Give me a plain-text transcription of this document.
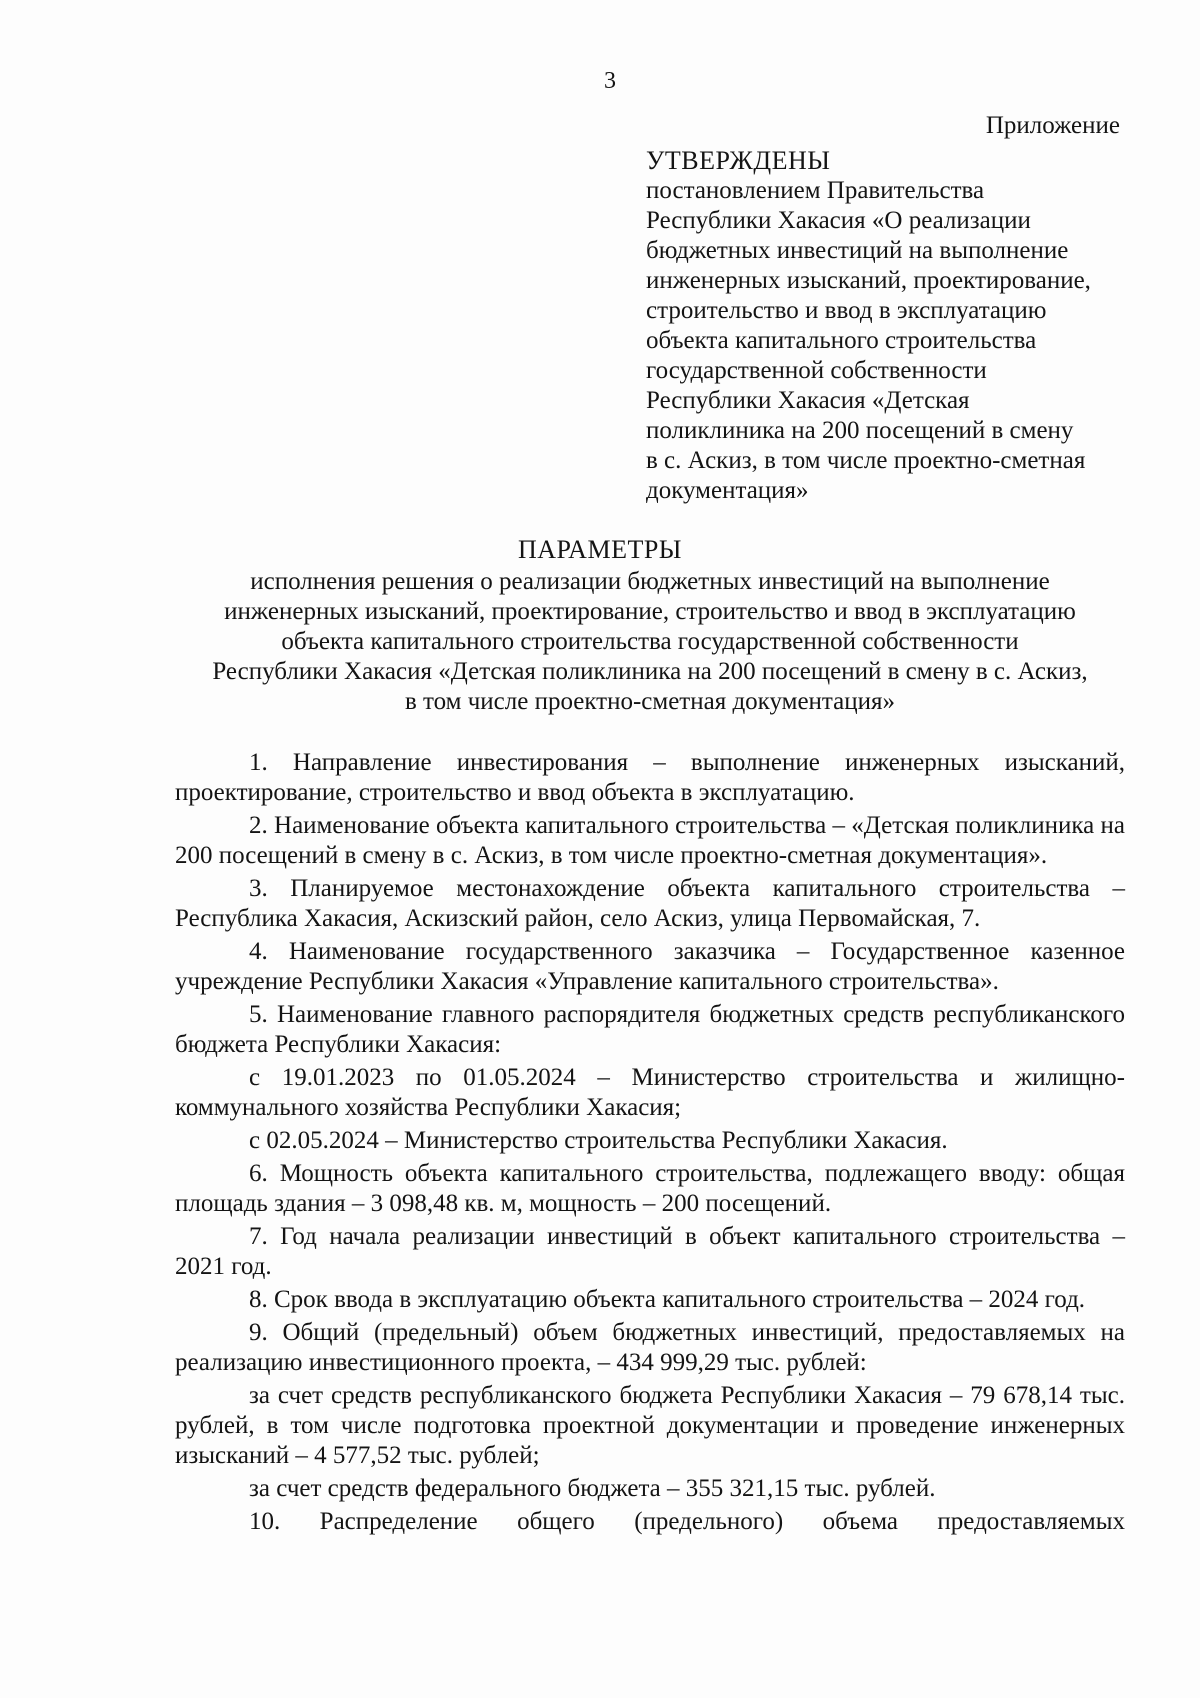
3
Приложение
УТВЕРЖДЕНЫ
постановлением Правительства
Республики Хакасия «О реализации
бюджетных инвестиций на выполнение
инженерных изысканий, проектирование,
строительство и ввод в эксплуатацию
объекта капитального строительства
государственной собственности
Республики Хакасия «Детская
поликлиника на 200 посещений в смену
в с. Аскиз, в том числе проектно-сметная
документация»
ПАРАМЕТРЫ
исполнения решения о реализации бюджетных инвестиций на выполнение
инженерных изысканий, проектирование, строительство и ввод в эксплуатацию
объекта капитального строительства государственной собственности
Республики Хакасия «Детская поликлиника на 200 посещений в смену в с. Аскиз,
в том числе проектно-сметная документация»

1. Направление инвестирования – выполнение инженерных изысканий, проектирование, строительство и ввод объекта в эксплуатацию.

2. Наименование объекта капитального строительства – «Детская поликлиника на 200 посещений в смену в с. Аскиз, в том числе проектно-сметная документация».

3. Планируемое местонахождение объекта капитального строительства – Республика Хакасия, Аскизский район, село Аскиз, улица Первомайская, 7.

4. Наименование государственного заказчика – Государственное казенное учреждение Республики Хакасия «Управление капитального строительства».

5. Наименование главного распорядителя бюджетных средств республиканского бюджета Республики Хакасия:

с 19.01.2023 по 01.05.2024 – Министерство строительства и жилищно-коммунального хозяйства Республики Хакасия;

с 02.05.2024 – Министерство строительства Республики Хакасия.

6. Мощность объекта капитального строительства, подлежащего вводу: общая площадь здания – 3 098,48 кв. м, мощность – 200 посещений.

7. Год начала реализации инвестиций в объект капитального строительства – 2021 год.

8. Срок ввода в эксплуатацию объекта капитального строительства – 2024 год.

9. Общий (предельный) объем бюджетных инвестиций, предоставляемых на реализацию инвестиционного проекта, – 434 999,29 тыс. рублей:

за счет средств республиканского бюджета Республики Хакасия – 79 678,14 тыс. рублей, в том числе подготовка проектной документации и проведение инженерных изысканий – 4 577,52 тыс. рублей;

за счет средств федерального бюджета – 355 321,15 тыс. рублей.

10. Распределение общего (предельного) объема предоставляемых
